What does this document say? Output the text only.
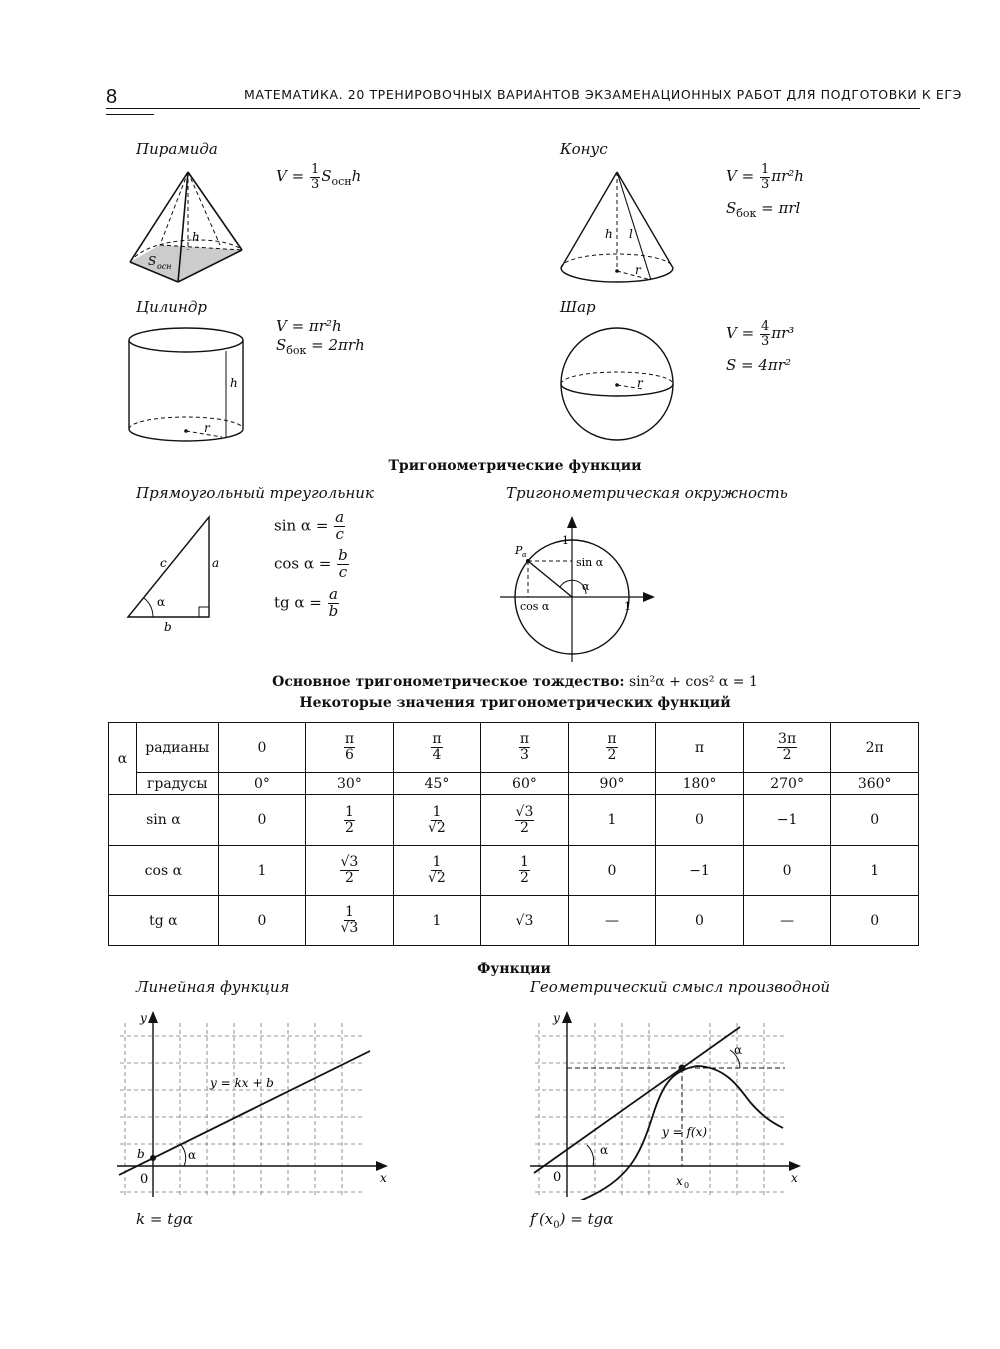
8	МАТЕМАТИКА. 20 ТРЕНИРОВОЧНЫХ ВАРИАНТОВ ЭКЗАМЕНАЦИОННЫХ РАБОТ ДЛЯ ПОДГОТОВКИ К ЕГЭ
Пирамида
h
S осн
$V = \frac{1}{3} S_{осн}h$
Конус
h l
r
$V = \frac{1}{3} \pi r^2h$
$S_{бок} = \pi rl$
Цилиндр
h
r
V = πr²h
$S_{бок} = 2\pi rh$
Шар
r
$V = \frac{4}{3} \pi r^3$
S = 4πr²
Тригонометрические функции
Прямоугольный треугольник	Тригонометрическая окружность
c	a
b
α
$\sin \alpha = \frac{a}{c}$
$\cos \alpha = \frac{b}{c}$
tg $\alpha = \frac{a}{b}$
P α
1
1
sin α
cos α
α
Основное тригонометрическое тождество: sin²α + cos² α = 1
Некоторые значения тригонометрических функций
α	радианы	0	$\frac{\pi}{6}$	$\frac{\pi}{4}$	$\frac{\pi}{3}$	$\frac{\pi}{2}$	π	$\frac{3\pi}{2}$	2π
	градусы	0°	30°	45°	60°	90°	180°	270°	360°
sin α		0	$\frac{1}{2}$	$\frac{1}{√2}$	$\frac{√3}{2}$	1	0	−1	0
cos α		1	$\frac{√3}{2}$	$\frac{1}{√2}$	$\frac{1}{2}$	0	−1	0	1
tg α		0	$\frac{1}{√3}$	1	√3	—	0	—	0
Функции
Линейная функция	Геометрический смысл производной
y
x
0
b	α
y = kx + b
k = tgα
y
x
0
α
α
y = f(x)
x 0
$f'(x_0) = tg\alpha$
